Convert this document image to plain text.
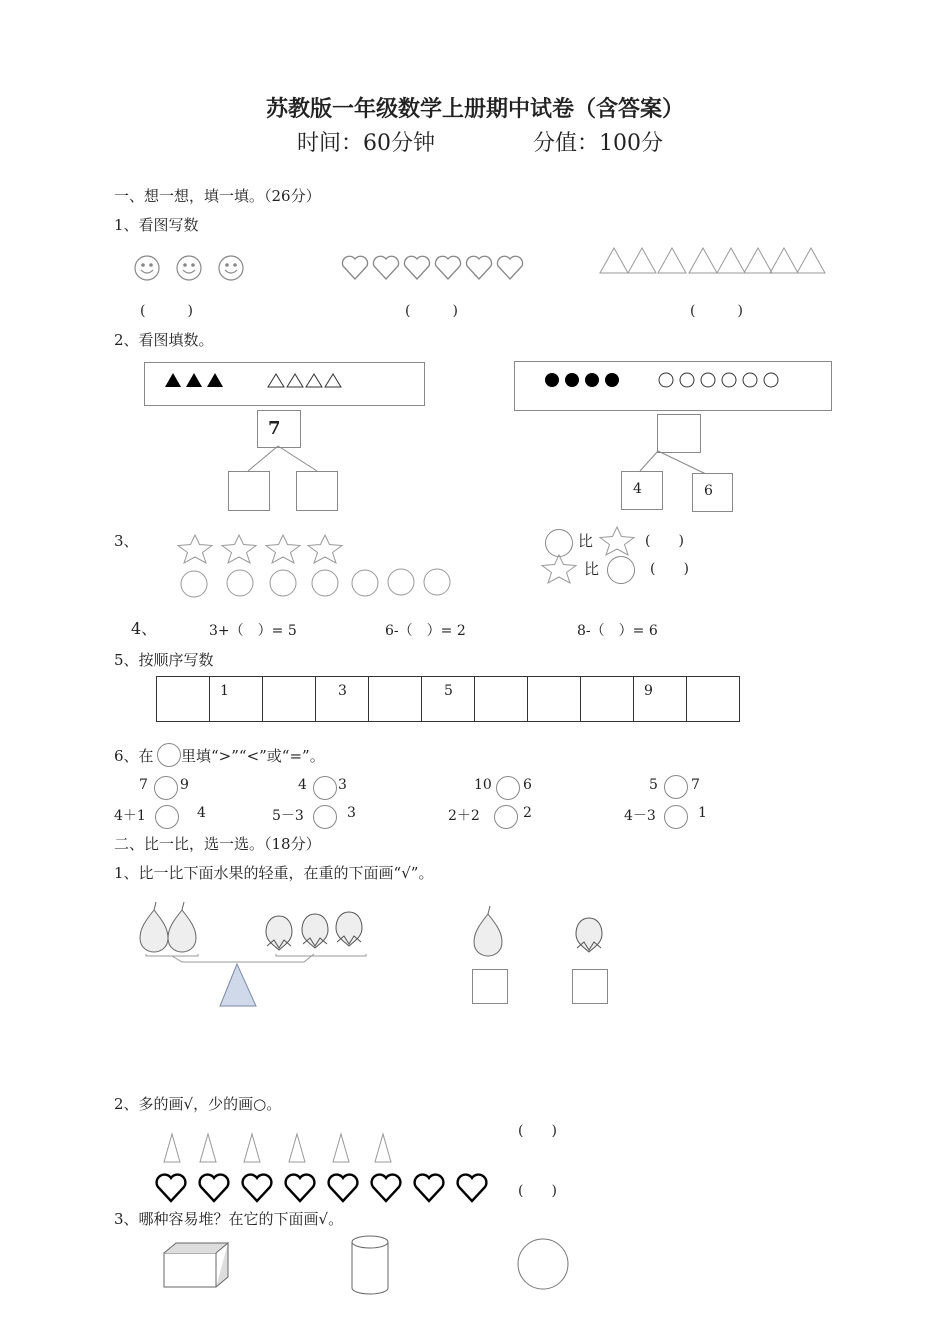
苏教版一年级数学上册期中试卷（含答案）
时间：60分钟	分值：100分
一、想一想，填一填。（26分）
1、看图写数
(　　　)	(　　　)	(　　　)
2、看图填数。
7
4	6
3、	比	(　　)
比	(　　)
4、	3+（　）= 5	6-（　）= 2	8-（　）= 6
5、按顺序写数
	1		3		5				9	
6、在 里填“>”“<”或“=”。
7 9	4 3	10 6	5 7
4＋1	4	5－3	3	2＋2	2	4－3	1
二、比一比，选一选。（18分）
1、比一比下面水果的轻重，在重的下面画“√”。
2、多的画√，少的画○。
(　　)
(　　)
3、哪种容易堆？在它的下面画√。
